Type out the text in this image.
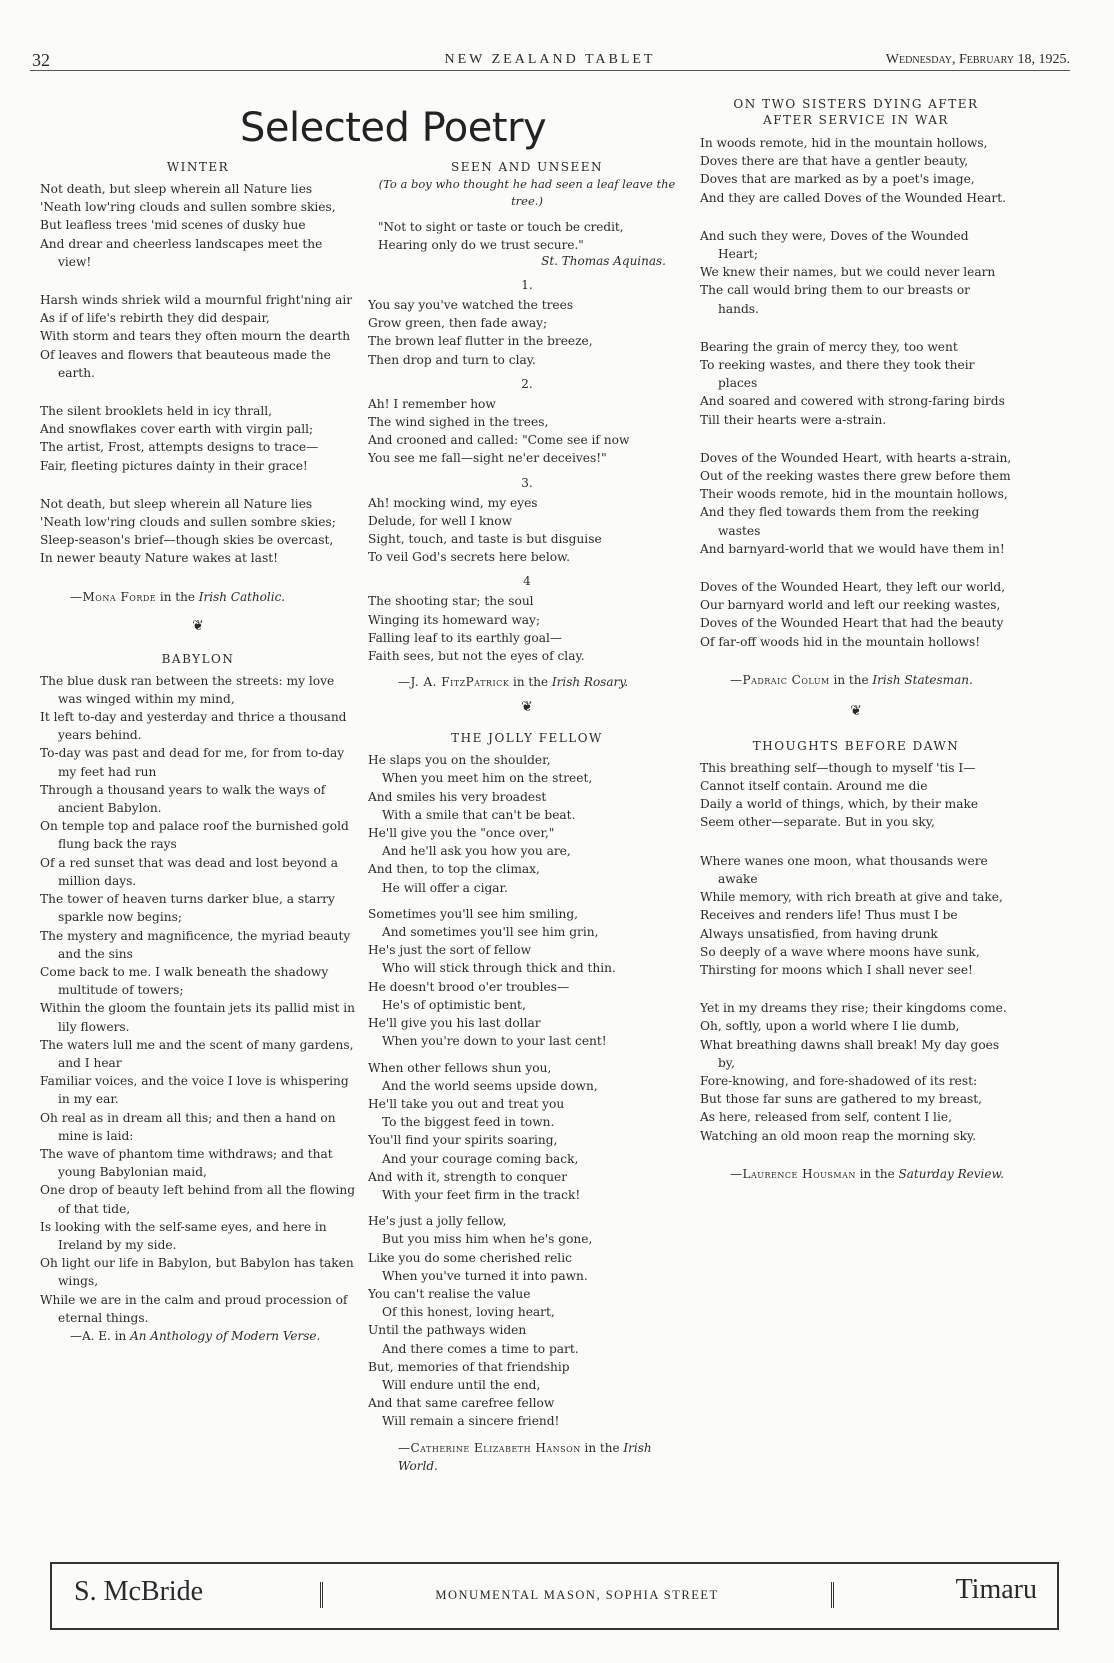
32	NEW ZEALAND TABLET	Wednesday, February 18, 1925.
Selected Poetry
WINTER

Not death, but sleep wherein all Nature lies

'Neath low'ring clouds and sullen sombre skies,

But leafless trees 'mid scenes of dusky hue

And drear and cheerless landscapes meet the view!

Harsh winds shriek wild a mournful fright'ning air

As if of life's rebirth they did despair,

With storm and tears they often mourn the dearth

Of leaves and flowers that beauteous made the earth.

The silent brooklets held in icy thrall,

And snowflakes cover earth with virgin pall;

The artist, Frost, attempts designs to trace—

Fair, fleeting pictures dainty in their grace!

Not death, but sleep wherein all Nature lies

'Neath low'ring clouds and sullen sombre skies;

Sleep-season's brief—though skies be overcast,

In newer beauty Nature wakes at last!

—Mona Forde in the Irish Catholic.

❦
BABYLON

The blue dusk ran between the streets: my love was winged within my mind,

It left to-day and yesterday and thrice a thousand years behind.

To-day was past and dead for me, for from to-day my feet had run

Through a thousand years to walk the ways of ancient Babylon.

On temple top and palace roof the burnished gold flung back the rays

Of a red sunset that was dead and lost beyond a million days.

The tower of heaven turns darker blue, a starry sparkle now begins;

The mystery and magnificence, the myriad beauty and the sins

Come back to me. I walk beneath the shadowy multitude of towers;

Within the gloom the fountain jets its pallid mist in lily flowers.

The waters lull me and the scent of many gardens, and I hear

Familiar voices, and the voice I love is whispering in my ear.

Oh real as in dream all this; and then a hand on mine is laid:

The wave of phantom time withdraws; and that young Babylonian maid,

One drop of beauty left behind from all the flowing of that tide,

Is looking with the self-same eyes, and here in Ireland by my side.

Oh light our life in Babylon, but Babylon has taken wings,

While we are in the calm and proud procession of eternal things.

—A. E. in An Anthology of Modern Verse.

SEEN AND UNSEEN
(To a boy who thought he had seen a leaf leave the tree.)

"Not to sight or taste or touch be credit,

Hearing only do we trust secure."

St. Thomas Aquinas.
1.

You say you've watched the trees

Grow green, then fade away;

The brown leaf flutter in the breeze,

Then drop and turn to clay.

2.

Ah! I remember how

The wind sighed in the trees,

And crooned and called: "Come see if now

You see me fall—sight ne'er deceives!"

3.

Ah! mocking wind, my eyes

Delude, for well I know

Sight, touch, and taste is but disguise

To veil God's secrets here below.

4

The shooting star; the soul

Winging its homeward way;

Falling leaf to its earthly goal—

Faith sees, but not the eyes of clay.

—J. A. FitzPatrick in the Irish Rosary.

❦
THE JOLLY FELLOW

He slaps you on the shoulder,

When you meet him on the street,

And smiles his very broadest

With a smile that can't be beat.

He'll give you the "once over,"

And he'll ask you how you are,

And then, to top the climax,

He will offer a cigar.

Sometimes you'll see him smiling,

And sometimes you'll see him grin,

He's just the sort of fellow

Who will stick through thick and thin.

He doesn't brood o'er troubles—

He's of optimistic bent,

He'll give you his last dollar

When you're down to your last cent!

When other fellows shun you,

And the world seems upside down,

He'll take you out and treat you

To the biggest feed in town.

You'll find your spirits soaring,

And your courage coming back,

And with it, strength to conquer

With your feet firm in the track!

He's just a jolly fellow,

But you miss him when he's gone,

Like you do some cherished relic

When you've turned it into pawn.

You can't realise the value

Of this honest, loving heart,

Until the pathways widen

And there comes a time to part.

But, memories of that friendship

Will endure until the end,

And that same carefree fellow

Will remain a sincere friend!

—Catherine Elizabeth Hanson in the Irish World.

ON TWO SISTERS DYING AFTER AFTER SERVICE IN WAR

In woods remote, hid in the mountain hollows,

Doves there are that have a gentler beauty,

Doves that are marked as by a poet's image,

And they are called Doves of the Wounded Heart.

And such they were, Doves of the Wounded Heart;

We knew their names, but we could never learn

The call would bring them to our breasts or hands.

Bearing the grain of mercy they, too went

To reeking wastes, and there they took their places

And soared and cowered with strong-faring birds

Till their hearts were a-strain.

Doves of the Wounded Heart, with hearts a-strain,

Out of the reeking wastes there grew before them

Their woods remote, hid in the mountain hollows,

And they fled towards them from the reeking wastes

And barnyard-world that we would have them in!

Doves of the Wounded Heart, they left our world,

Our barnyard world and left our reeking wastes,

Doves of the Wounded Heart that had the beauty

Of far-off woods hid in the mountain hollows!

—Padraic Colum in the Irish Statesman.

❦
THOUGHTS BEFORE DAWN

This breathing self—though to myself 'tis I—

Cannot itself contain. Around me die

Daily a world of things, which, by their make

Seem other—separate. But in you sky,

Where wanes one moon, what thousands were awake

While memory, with rich breath at give and take,

Receives and renders life! Thus must I be

Always unsatisfied, from having drunk

So deeply of a wave where moons have sunk,

Thirsting for moons which I shall never see!

Yet in my dreams they rise; their kingdoms come.

Oh, softly, upon a world where I lie dumb,

What breathing dawns shall break! My day goes by,

Fore-knowing, and fore-shadowed of its rest:

But those far suns are gathered to my breast,

As here, released from self, content I lie,

Watching an old moon reap the morning sky.

—Laurence Housman in the Saturday Review.

S. McBride	MONUMENTAL MASON, SOPHIA STREET	Timaru
